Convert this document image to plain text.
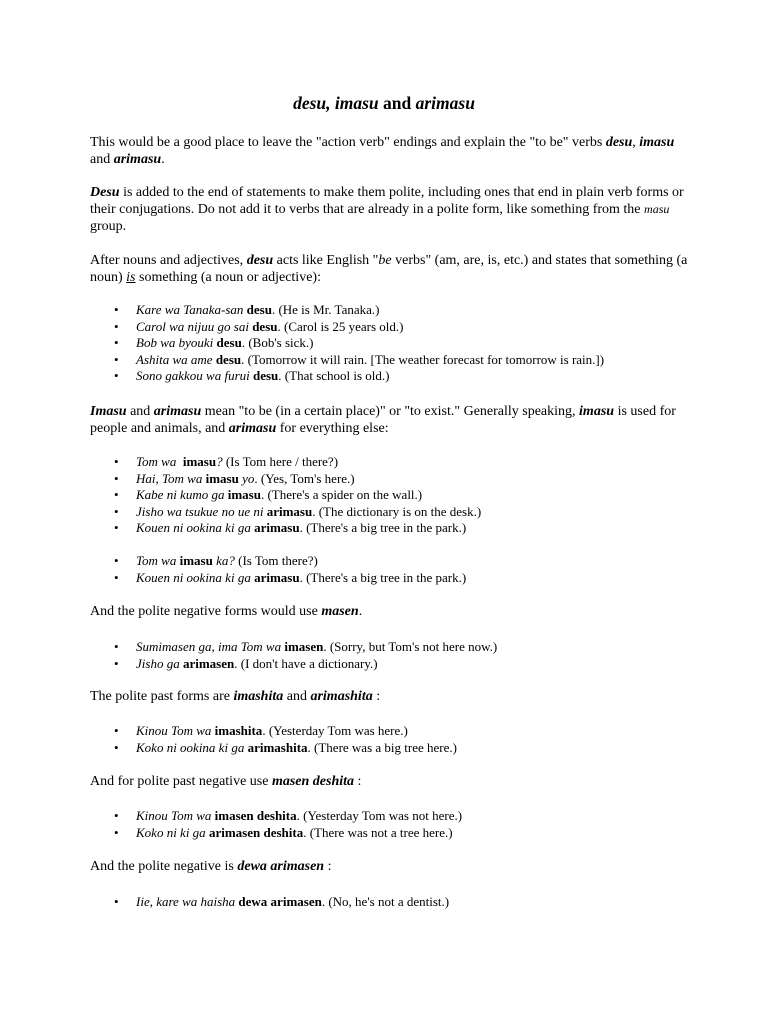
desu, imasu and arimasu

This would be a good place to leave the "action verb" endings and explain the "to be" verbs desu, imasu
and arimasu.

Desu is added to the end of statements to make them polite, including ones that end in plain verb forms or their conjugations. Do not add it to verbs that are already in a polite form, like something from the masu group.

After nouns and adjectives, desu acts like English "be verbs" (am, are, is, etc.) and states that something (a noun) is something (a noun or adjective):

• Kare wa Tanaka-san desu. (He is Mr. Tanaka.)
• Carol wa nijuu go sai desu. (Carol is 25 years old.)
• Bob wa byouki desu. (Bob's sick.)
• Ashita wa ame desu. (Tomorrow it will rain. [The weather forecast for tomorrow is rain.])
• Sono gakkou wa furui desu. (That school is old.)

Imasu and arimasu mean "to be (in a certain place)" or "to exist." Generally speaking, imasu is used for people and animals, and arimasu for everything else:

• Tom wa  imasu? (Is Tom here / there?)
• Hai, Tom wa imasu yo. (Yes, Tom's here.)
• Kabe ni kumo ga imasu. (There's a spider on the wall.)
• Jisho wa tsukue no ue ni arimasu. (The dictionary is on the desk.)
• Kouen ni ookina ki ga arimasu. (There's a big tree in the park.)
• Tom wa imasu ka? (Is Tom there?)
• Kouen ni ookina ki ga arimasu. (There's a big tree in the park.)

And the polite negative forms would use masen.

• Sumimasen ga, ima Tom wa imasen. (Sorry, but Tom's not here now.)
• Jisho ga arimasen. (I don't have a dictionary.)

The polite past forms are imashita and arimashita :

• Kinou Tom wa imashita. (Yesterday Tom was here.)
• Koko ni ookina ki ga arimashita. (There was a big tree here.)

And for polite past negative use masen deshita :

• Kinou Tom wa imasen deshita. (Yesterday Tom was not here.)
• Koko ni ki ga arimasen deshita. (There was not a tree here.)

And the polite negative is dewa arimasen :

• Iie, kare wa haisha dewa arimasen. (No, he's not a dentist.)
